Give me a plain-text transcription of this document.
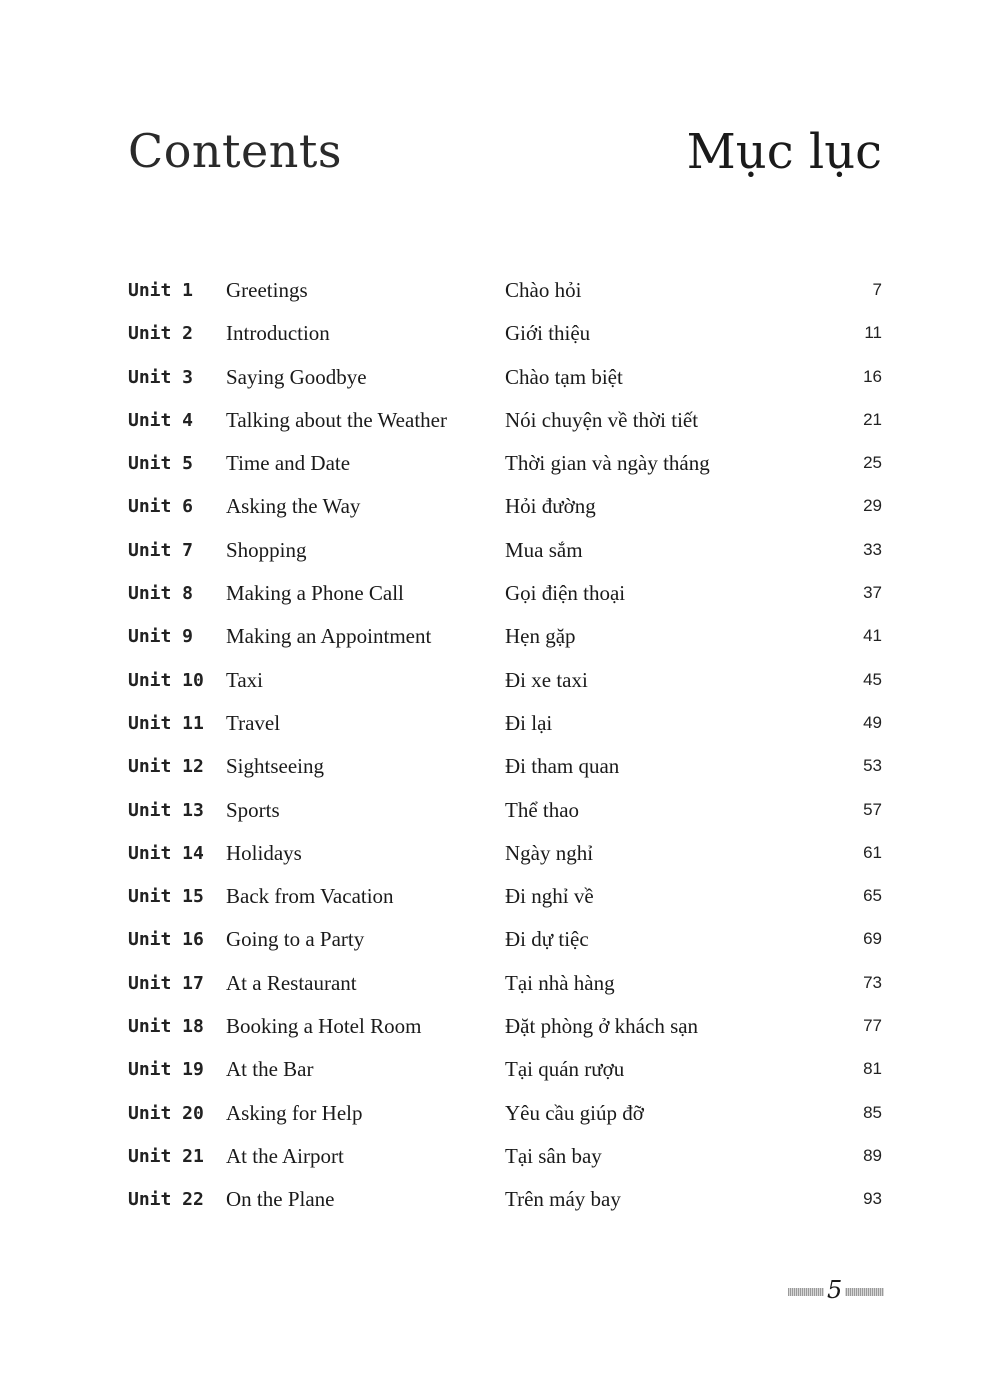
Contents	Mục lục
Unit 1 Greetings	Chào hỏi	7
Unit 2 Introduction	Giới thiệu	11
Unit 3 Saying Goodbye	Chào tạm biệt	16
Unit 4 Talking about the Weather	Nói chuyện về thời tiết	21
Unit 5 Time and Date	Thời gian và ngày tháng	25
Unit 6 Asking the Way	Hỏi đường	29
Unit 7 Shopping	Mua sắm	33
Unit 8 Making a Phone Call	Gọi điện thoại	37
Unit 9 Making an Appointment	Hẹn gặp	41
Unit 10 Taxi	Đi xe taxi	45
Unit 11 Travel	Đi lại	49
Unit 12 Sightseeing	Đi tham quan	53
Unit 13 Sports	Thể thao	57
Unit 14 Holidays	Ngày nghỉ	61
Unit 15 Back from Vacation	Đi nghỉ về	65
Unit 16 Going to a Party	Đi dự tiệc	69
Unit 17 At a Restaurant	Tại nhà hàng	73
Unit 18 Booking a Hotel Room	Đặt phòng ở khách sạn	77
Unit 19 At the Bar	Tại quán rượu	81
Unit 20 Asking for Help	Yêu cầu giúp đỡ	85
Unit 21 At the Airport	Tại sân bay	89
Unit 22 On the Plane	Trên máy bay	93
5
